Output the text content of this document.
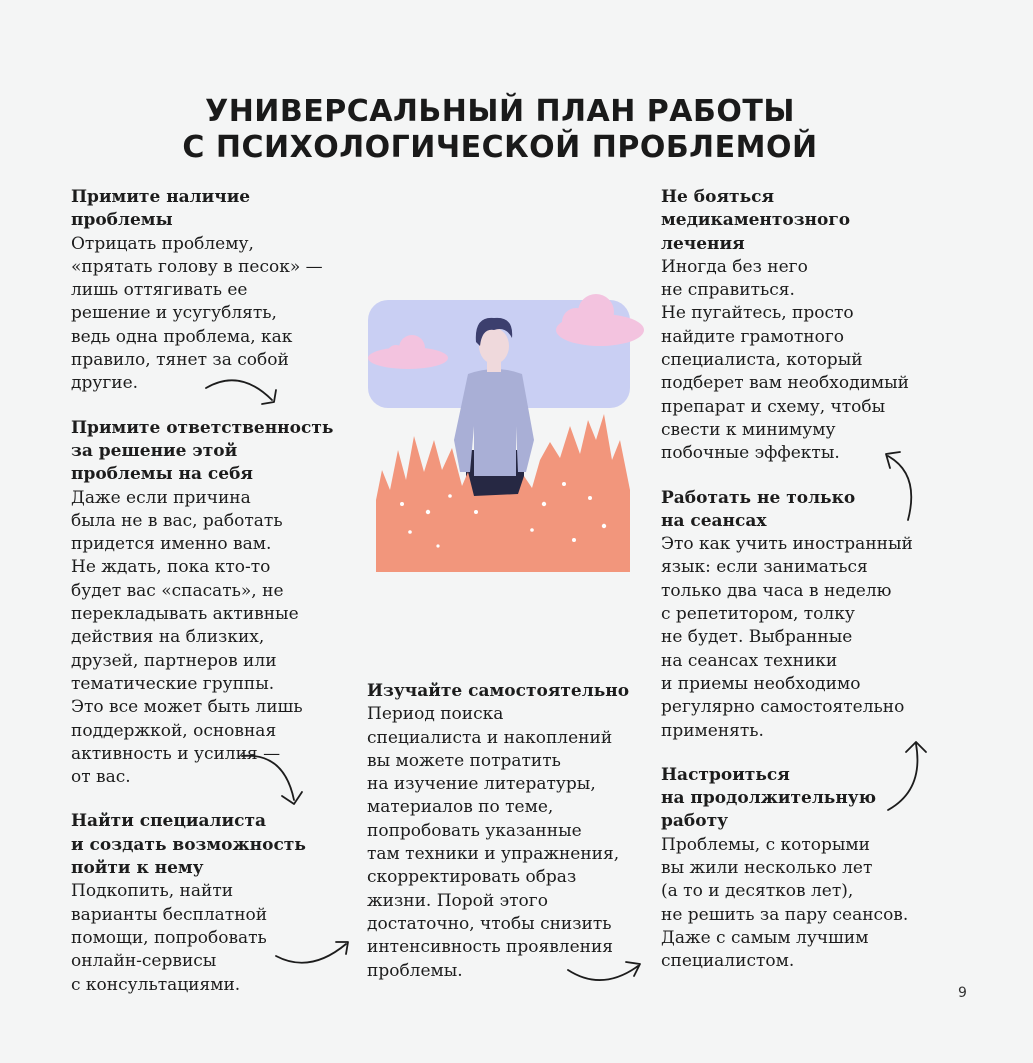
УНИВЕРСАЛЬНЫЙ ПЛАН РАБОТЫ
С ПСИХОЛОГИЧЕСКОЙ ПРОБЛЕМОЙ
Примите наличие
проблемы
Отрицать проблему,
«прятать голову в песок» —
лишь оттягивать ее
решение и усугублять,
ведь одна проблема, как
правило, тянет за собой
другие.
Примите ответственность
за решение этой
проблемы на себя
Даже если причина
была не в вас, работать
придется именно вам.
Не ждать, пока кто-то
будет вас «спасать», не
перекладывать активные
действия на близких,
друзей, партнеров или
тематические группы.
Это все может быть лишь
поддержкой, основная
активность и усилия —
от вас.
Найти специалиста
и создать возможность
пойти к нему
Подкопить, найти
варианты бесплатной
помощи, попробовать
онлайн-сервисы
с консультациями.
Изучайте самостоятельно
Период поиска
специалиста и накоплений
вы можете потратить
на изучение литературы,
материалов по теме,
попробовать указанные
там техники и упражнения,
скорректировать образ
жизни. Порой этого
достаточно, чтобы снизить
интенсивность проявления
проблемы.
Не бояться
медикаментозного
лечения
Иногда без него
не справиться.
Не пугайтесь, просто
найдите грамотного
специалиста, который
подберет вам необходимый
препарат и схему, чтобы
свести к минимуму
побочные эффекты.
Работать не только
на сеансах
Это как учить иностранный
язык: если заниматься
только два часа в неделю
с репетитором, толку
не будет. Выбранные
на сеансах техники
и приемы необходимо
регулярно самостоятельно
применять.
Настроиться
на продолжительную
работу
Проблемы, с которыми
вы жили несколько лет
(а то и десятков лет),
не решить за пару сеансов.
Даже с самым лучшим
специалистом.
9
